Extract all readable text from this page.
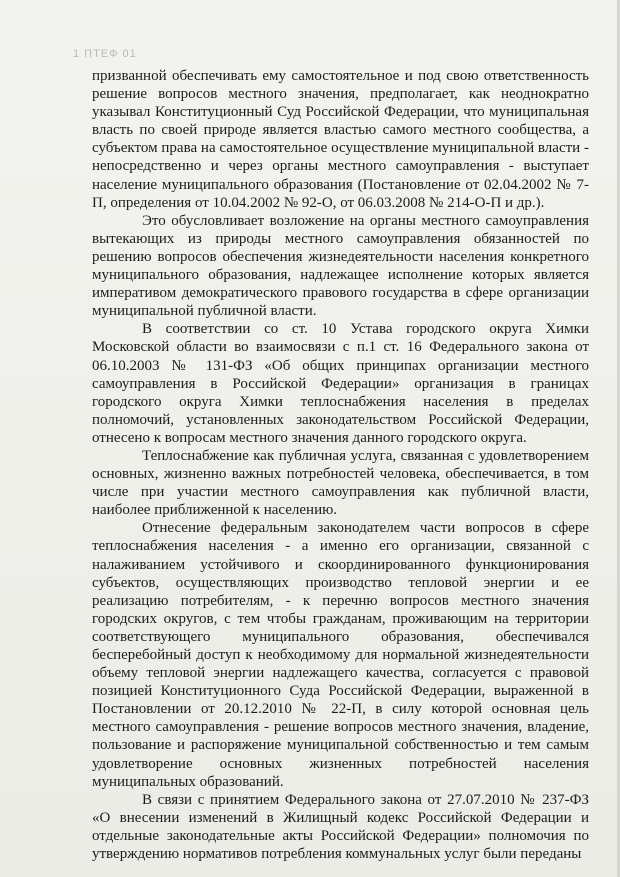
1 ПТЕФ 01

призванной обеспечивать ему самостоятельное и под свою ответственность решение вопросов местного значения, предполагает, как неоднократно указывал Конституционный Суд Российской Федерации, что муниципальная власть по своей природе является властью самого местного сообщества, а субъектом права на самостоятельное осуществление муниципальной власти - непосредственно и через органы местного самоуправления - выступает население муниципального образования (Постановление от 02.04.2002 № 7-П, определения от 10.04.2002 № 92-О, от 06.03.2008 № 214-О-П и др.).

Это обусловливает возложение на органы местного самоуправления вытекающих из природы местного самоуправления обязанностей по решению вопросов обеспечения жизнедеятельности населения конкретного муниципального образования, надлежащее исполнение которых является императивом демократического правового государства в сфере организации муниципальной публичной власти.

В соответствии со ст. 10 Устава городского округа Химки Московской области во взаимосвязи с п.1 ст. 16 Федерального закона от 06.10.2003 № 131-ФЗ «Об общих принципах организации местного самоуправления в Российской Федерации» организация в границах городского округа Химки теплоснабжения населения в пределах полномочий, установленных законодательством Российской Федерации, отнесено к вопросам местного значения данного городского округа.

Теплоснабжение как публичная услуга, связанная с удовлетворением основных, жизненно важных потребностей человека, обеспечивается, в том числе при участии местного самоуправления как публичной власти, наиболее приближенной к населению.

Отнесение федеральным законодателем части вопросов в сфере теплоснабжения населения - а именно его организации, связанной с налаживанием устойчивого и скоординированного функционирования субъектов, осуществляющих производство тепловой энергии и ее реализацию потребителям, - к перечню вопросов местного значения городских округов, с тем чтобы гражданам, проживающим на территории соответствующего муниципального образования, обеспечивался бесперебойный доступ к необходимому для нормальной жизнедеятельности объему тепловой энергии надлежащего качества, согласуется с правовой позицией Конституционного Суда Российской Федерации, выраженной в Постановлении от 20.12.2010 № 22-П, в силу которой основная цель местного самоуправления - решение вопросов местного значения, владение, пользование и распоряжение муниципальной собственностью и тем самым удовлетворение основных жизненных потребностей населения муниципальных образований.

В связи с принятием Федерального закона от 27.07.2010 № 237-ФЗ «О внесении изменений в Жилищный кодекс Российской Федерации и отдельные законодательные акты Российской Федерации» полномочия по утверждению нормативов потребления коммунальных услуг были переданы
